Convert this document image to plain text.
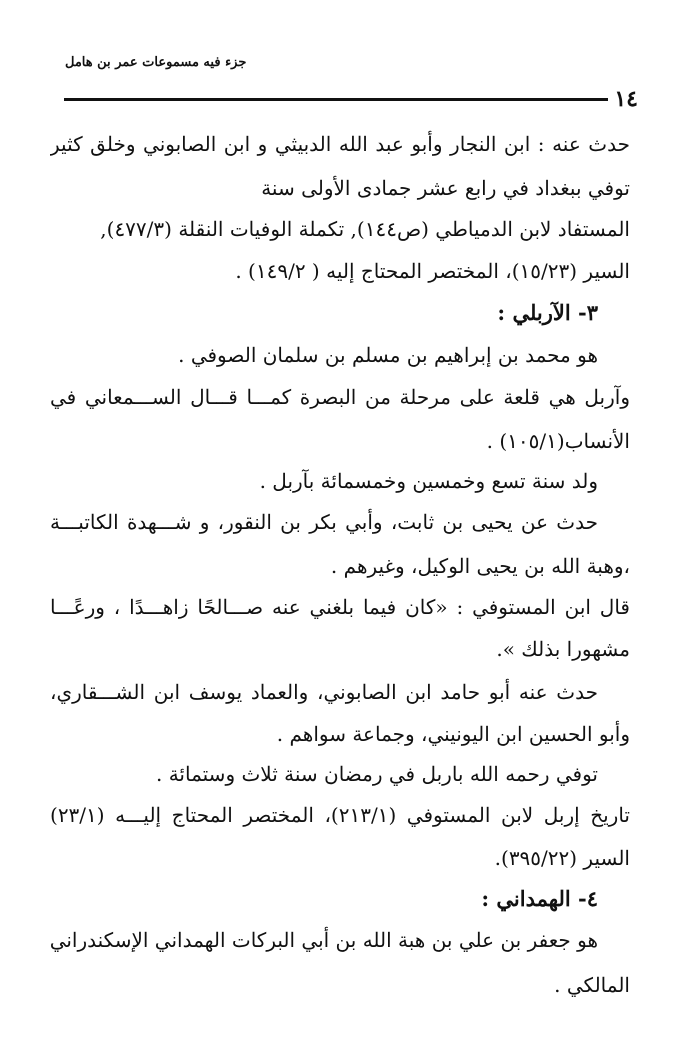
جزء فيه مسموعات عمر بن هامل
١٤
حدث عنه : ابن النجار وأبو عبد الله الدبيثي و ابن الصابوني وخلق كثير
توفي ببغداد في رابع عشر جمادى الأولى سنة
المستفاد لابن الدمياطي (ص١٤٤), تكملة الوفيات النقلة (٤٧٧/٣),
السير (١٥/٢٣)، المختصر المحتاج إليه ( ١٤٩/٢) .
٣- الآربلي :
هو محمد بن إبراهيم بن مسلم بن سلمان الصوفي .
وآربل هي قلعة على مرحلة من البصرة كمـــا قـــال الســـمعاني في
الأنساب(١٠٥/١) .
ولد سنة تسع وخمسين وخمسمائة بآربل .
حدث عن يحيى بن ثابت، وأبي بكر بن النقور، و شـــهدة الكاتبـــة
،وهبة الله بن يحيى الوكيل، وغيرهم .
قال ابن المستوفي : «كان فيما بلغني عنه صـــالحًا زاهـــدًا ، ورعًـــا
مشهورا بذلك ».
حدث عنه أبو حامد ابن الصابوني، والعماد يوسف ابن الشـــقاري،
وأبو الحسين ابن اليونيني، وجماعة سواهم .
توفي رحمه الله باربل في رمضان سنة ثلاث وستمائة .
تاريخ إربل لابن المستوفي (٢١٣/١)، المختصر المحتاج إليـــه (٢٣/١)
السير (٣٩٥/٢٢).
٤- الهمداني :
هو جعفر بن علي بن هبة الله بن أبي البركات الهمداني الإسكندراني
المالكي .
